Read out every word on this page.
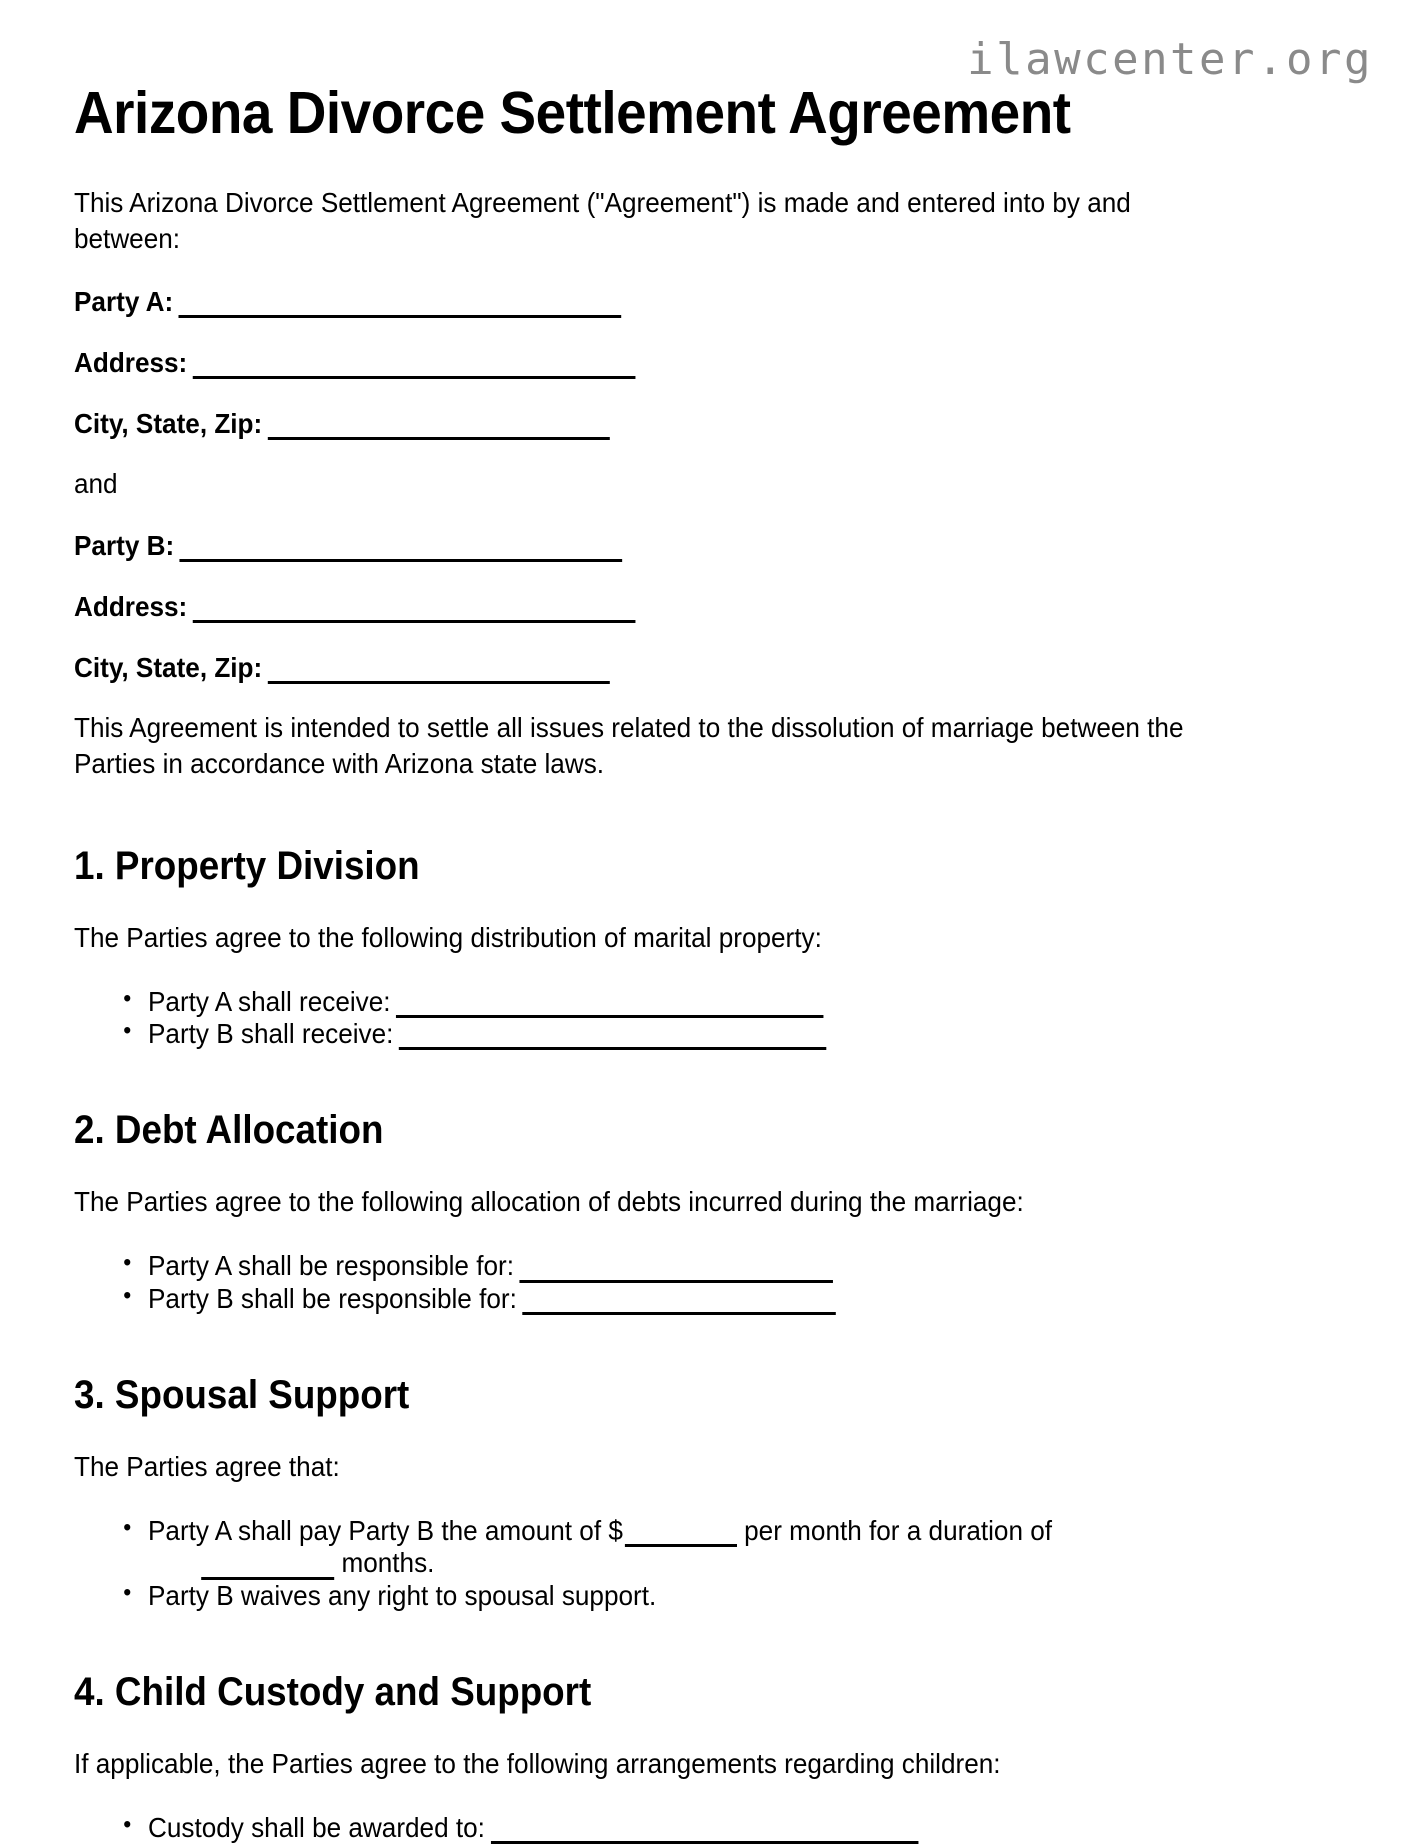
ilawcenter.org
Arizona Divorce Settlement Agreement

This Arizona Divorce Settlement Agreement ("Agreement") is made and entered into by and between:

Party A:
Address:
City, State, Zip:

and

Party B:
Address:
City, State, Zip:

This Agreement is intended to settle all issues related to the dissolution of marriage between the Parties in accordance with Arizona state laws.

1. Property Division

The Parties agree to the following distribution of marital property:

• Party A shall receive:
• Party B shall receive:
2. Debt Allocation

The Parties agree to the following allocation of debts incurred during the marriage:

• Party A shall be responsible for:
• Party B shall be responsible for:
3. Spousal Support

The Parties agree that:

• Party A shall pay Party B the amount of $	per month for a duration of
months.
• Party B waives any right to spousal support.
4. Child Custody and Support

If applicable, the Parties agree to the following arrangements regarding children:

• Custody shall be awarded to:
